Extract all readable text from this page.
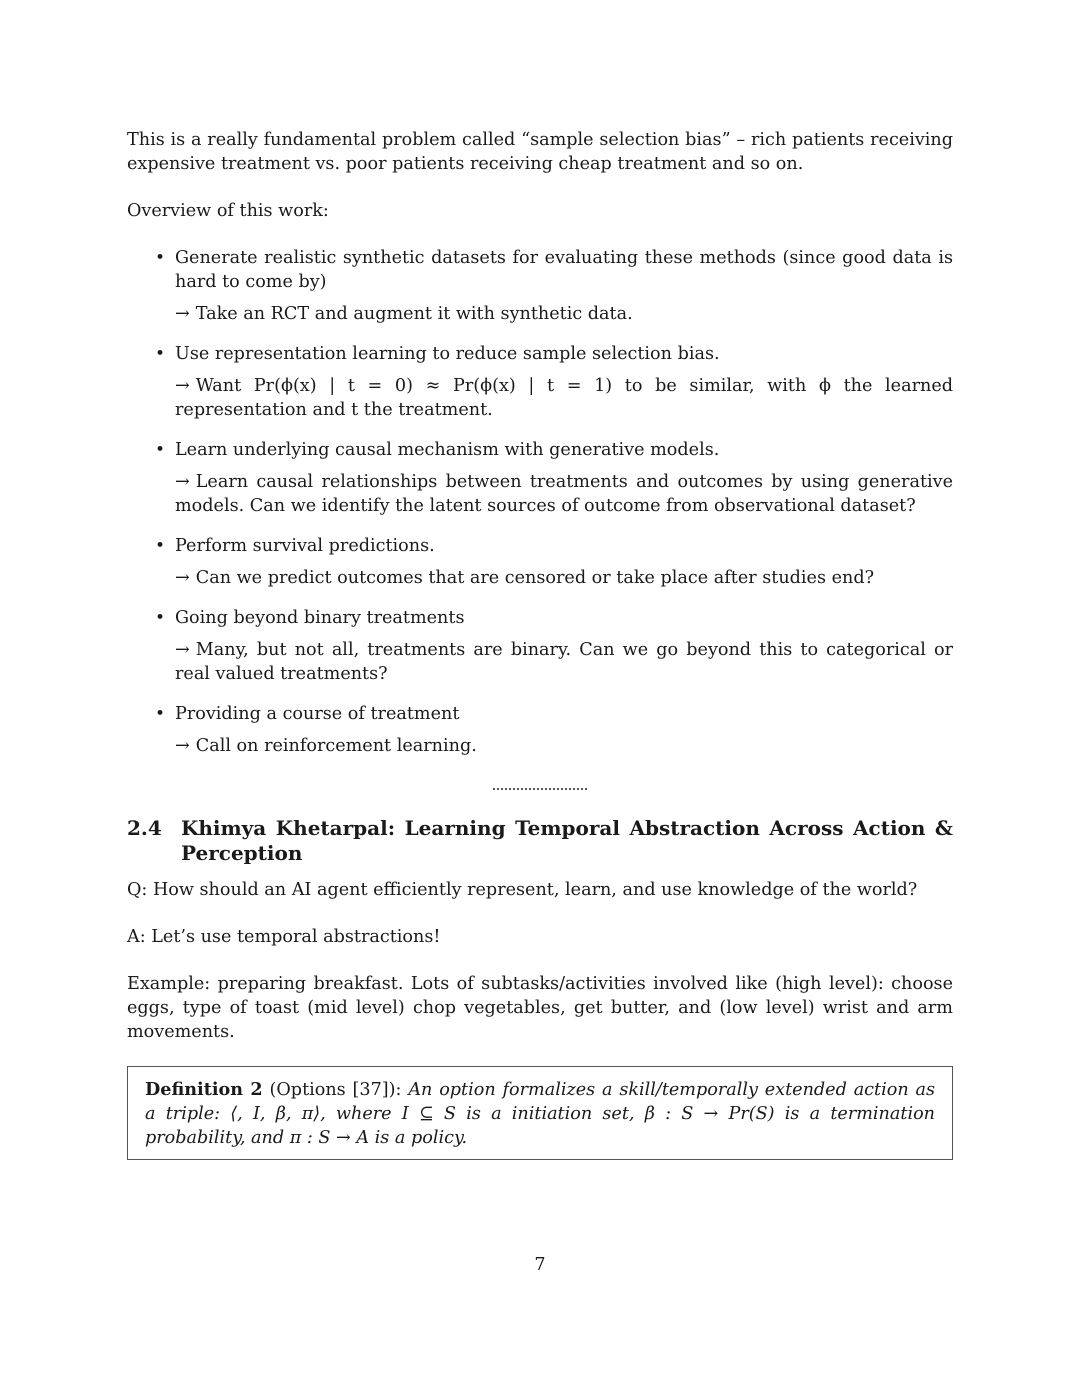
This is a really fundamental problem called “sample selection bias” – rich patients receiving expensive treatment vs. poor patients receiving cheap treatment and so on.

Overview of this work:

• Generate realistic synthetic datasets for evaluating these methods (since good data is hard to come by)

→ Take an RCT and augment it with synthetic data.

• Use representation learning to reduce sample selection bias.

→ Want Pr(ϕ(x) | t = 0) ≈ Pr(ϕ(x) | t = 1) to be similar, with ϕ the learned representation and t the treatment.

• Learn underlying causal mechanism with generative models.

→ Learn causal relationships between treatments and outcomes by using generative models. Can we identify the latent sources of outcome from observational dataset?

• Perform survival predictions.

→ Can we predict outcomes that are censored or take place after studies end?

• Going beyond binary treatments

→ Many, but not all, treatments are binary. Can we go beyond this to categorical or real valued treatments?

• Providing a course of treatment

→ Call on reinforcement learning.

2.4 Khimya Khetarpal: Learning Temporal Abstraction Across Action & Perception

Q: How should an AI agent efficiently represent, learn, and use knowledge of the world?

A: Let’s use temporal abstractions!

Example: preparing breakfast. Lots of subtasks/activities involved like (high level): choose eggs, type of toast (mid level) chop vegetables, get butter, and (low level) wrist and arm movements.

Definition 2 (Options [37]): An option formalizes a skill/temporally extended action as a triple: ⟨, I, β, π⟩, where I ⊆ S is a initiation set, β : S → Pr(S) is a termination probability, and π : S → A is a policy.
7
